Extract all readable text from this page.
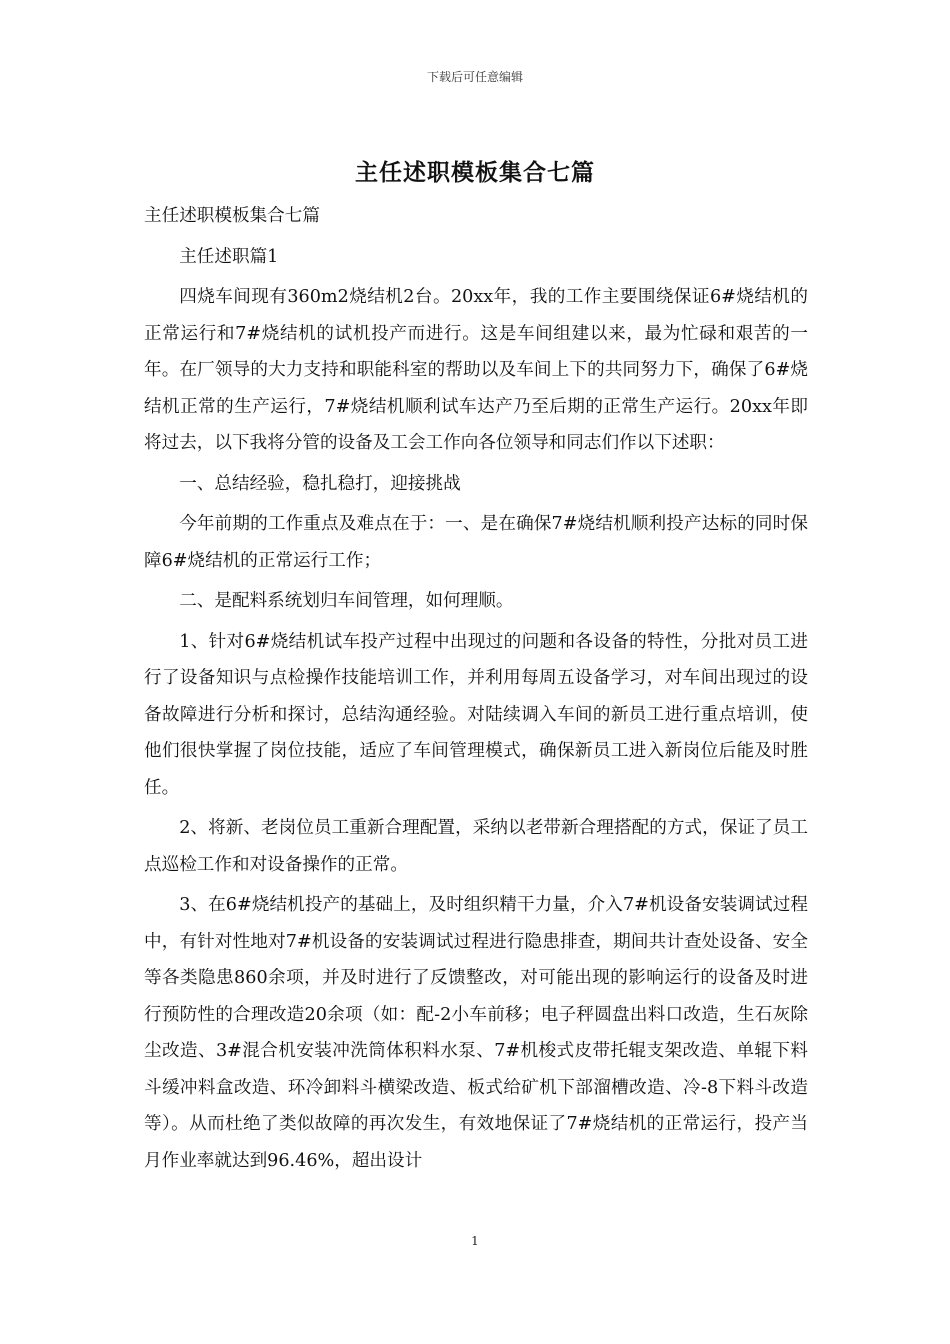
下载后可任意编辑
主任述职模板集合七篇

主任述职模板集合七篇

主任述职篇1

四烧车间现有360m2烧结机2台。20xx年，我的工作主要围绕保证6#烧结机的正常运行和7#烧结机的试机投产而进行。这是车间组建以来，最为忙碌和艰苦的一年。在厂领导的大力支持和职能科室的帮助以及车间上下的共同努力下，确保了6#烧结机正常的生产运行，7#烧结机顺利试车达产乃至后期的正常生产运行。20xx年即将过去，以下我将分管的设备及工会工作向各位领导和同志们作以下述职：

一、总结经验，稳扎稳打，迎接挑战

今年前期的工作重点及难点在于：一、是在确保7#烧结机顺利投产达标的同时保障6#烧结机的正常运行工作；

二、是配料系统划归车间管理，如何理顺。

1、针对6#烧结机试车投产过程中出现过的问题和各设备的特性，分批对员工进行了设备知识与点检操作技能培训工作，并利用每周五设备学习，对车间出现过的设备故障进行分析和探讨，总结沟通经验。对陆续调入车间的新员工进行重点培训，使他们很快掌握了岗位技能，适应了车间管理模式，确保新员工进入新岗位后能及时胜任。

2、将新、老岗位员工重新合理配置，采纳以老带新合理搭配的方式，保证了员工点巡检工作和对设备操作的正常。

3、在6#烧结机投产的基础上，及时组织精干力量，介入7#机设备安装调试过程中，有针对性地对7#机设备的安装调试过程进行隐患排查，期间共计查处设备、安全等各类隐患860余项，并及时进行了反馈整改，对可能出现的影响运行的设备及时进行预防性的合理改造20余项（如：配-2小车前移；电子秤圆盘出料口改造，生石灰除尘改造、3#混合机安装冲洗筒体积料水泵、7#机梭式皮带托辊支架改造、单辊下料斗缓冲料盒改造、环冷卸料斗横梁改造、板式给矿机下部溜槽改造、冷-8下料斗改造等）。从而杜绝了类似故障的再次发生，有效地保证了7#烧结机的正常运行，投产当月作业率就达到96.46%，超出设计

1
